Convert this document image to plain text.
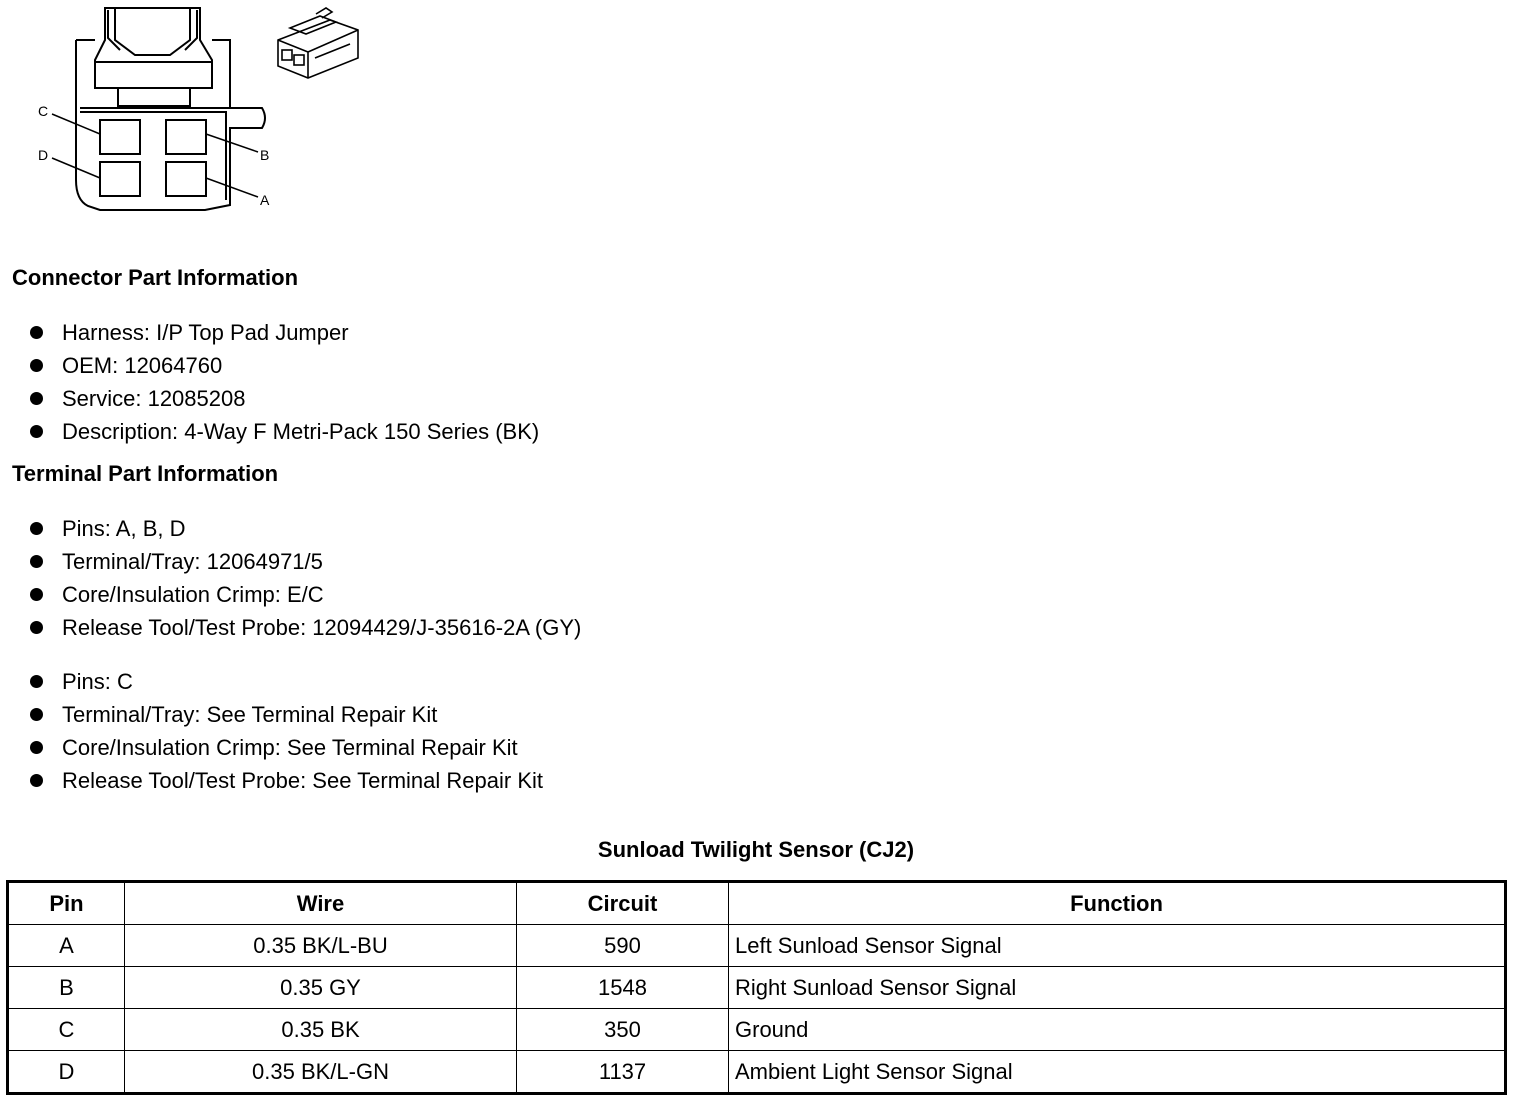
C
B
D
A
Connector Part Information
Harness: I/P Top Pad Jumper
OEM: 12064760
Service: 12085208
Description: 4-Way F Metri-Pack 150 Series (BK)
Terminal Part Information
Pins: A, B, D
Terminal/Tray: 12064971/5
Core/Insulation Crimp: E/C
Release Tool/Test Probe: 12094429/J-35616-2A (GY)
Pins: C
Terminal/Tray: See Terminal Repair Kit
Core/Insulation Crimp: See Terminal Repair Kit
Release Tool/Test Probe: See Terminal Repair Kit
Sunload Twilight Sensor (CJ2)
Pin	Wire	Circuit	Function
A	0.35 BK/L-BU	590	Left Sunload Sensor Signal
B	0.35 GY	1548	Right Sunload Sensor Signal
C	0.35 BK	350	Ground
D	0.35 BK/L-GN	1137	Ambient Light Sensor Signal
